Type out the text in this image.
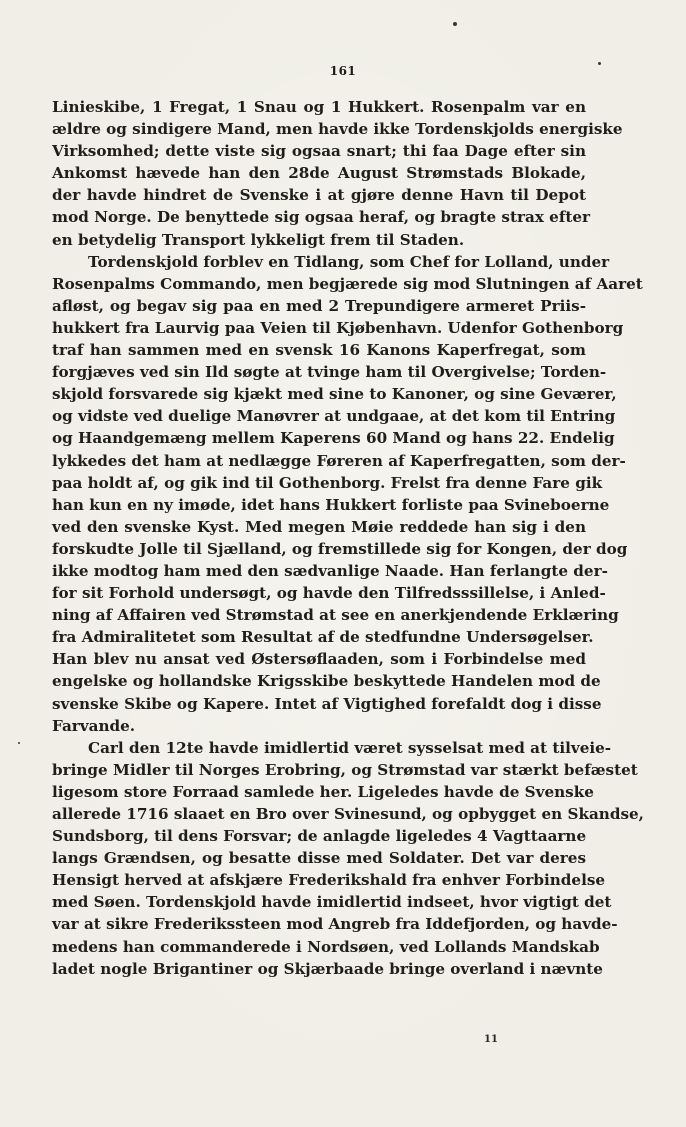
161
Linieskibe, 1 Fregat, 1 Snau og 1 Hukkert. Rosenpalm var en
ældre og sindigere Mand, men havde ikke Tordenskjolds energiske
Virksomhed; dette viste sig ogsaa snart; thi faa Dage efter sin
Ankomst hævede han den 28de August Strømstads Blokade,
der havde hindret de Svenske i at gjøre denne Havn til Depot
mod Norge. De benyttede sig ogsaa heraf, og bragte strax efter
en betydelig Transport lykkeligt frem til Staden.
Tordenskjold forblev en Tidlang, som Chef for Lolland, under
Rosenpalms Commando, men begjærede sig mod Slutningen af Aaret
afløst, og begav sig paa en med 2 Trepundigere armeret Priis-
hukkert fra Laurvig paa Veien til Kjøbenhavn. Udenfor Gothenborg
traf han sammen med en svensk 16 Kanons Kaperfregat, som
forgjæves ved sin Ild søgte at tvinge ham til Overgivelse; Torden-
skjold forsvarede sig kjækt med sine to Kanoner, og sine Geværer,
og vidste ved duelige Manøvrer at undgaae, at det kom til Entring
og Haandgemæng mellem Kaperens 60 Mand og hans 22. Endelig
lykkedes det ham at nedlægge Føreren af Kaperfregatten, som der-
paa holdt af, og gik ind til Gothenborg. Frelst fra denne Fare gik
han kun en ny imøde, idet hans Hukkert forliste paa Svineboerne
ved den svenske Kyst. Med megen Møie reddede han sig i den
forskudte Jolle til Sjælland, og fremstillede sig for Kongen, der dog
ikke modtog ham med den sædvanlige Naade. Han ferlangte der-
for sit Forhold undersøgt, og havde den Tilfredsssillelse, i Anled-
ning af Affairen ved Strømstad at see en anerkjendende Erklæring
fra Admiralitetet som Resultat af de stedfundne Undersøgelser.
Han blev nu ansat ved Østersøflaaden, som i Forbindelse med
engelske og hollandske Krigsskibe beskyttede Handelen mod de
svenske Skibe og Kapere. Intet af Vigtighed forefaldt dog i disse
Farvande.
Carl den 12te havde imidlertid været sysselsat med at tilveie-
bringe Midler til Norges Erobring, og Strømstad var stærkt befæstet
ligesom store Forraad samlede her. Ligeledes havde de Svenske
allerede 1716 slaaet en Bro over Svinesund, og opbygget en Skandse,
Sundsborg, til dens Forsvar; de anlagde ligeledes 4 Vagttaarne
langs Grændsen, og besatte disse med Soldater. Det var deres
Hensigt herved at afskjære Frederikshald fra enhver Forbindelse
med Søen. Tordenskjold havde imidlertid indseet, hvor vigtigt det
var at sikre Frederikssteen mod Angreb fra Iddefjorden, og havde-
medens han commanderede i Nordsøen, ved Lollands Mandskab
ladet nogle Brigantiner og Skjærbaade bringe overland i nævnte
11
